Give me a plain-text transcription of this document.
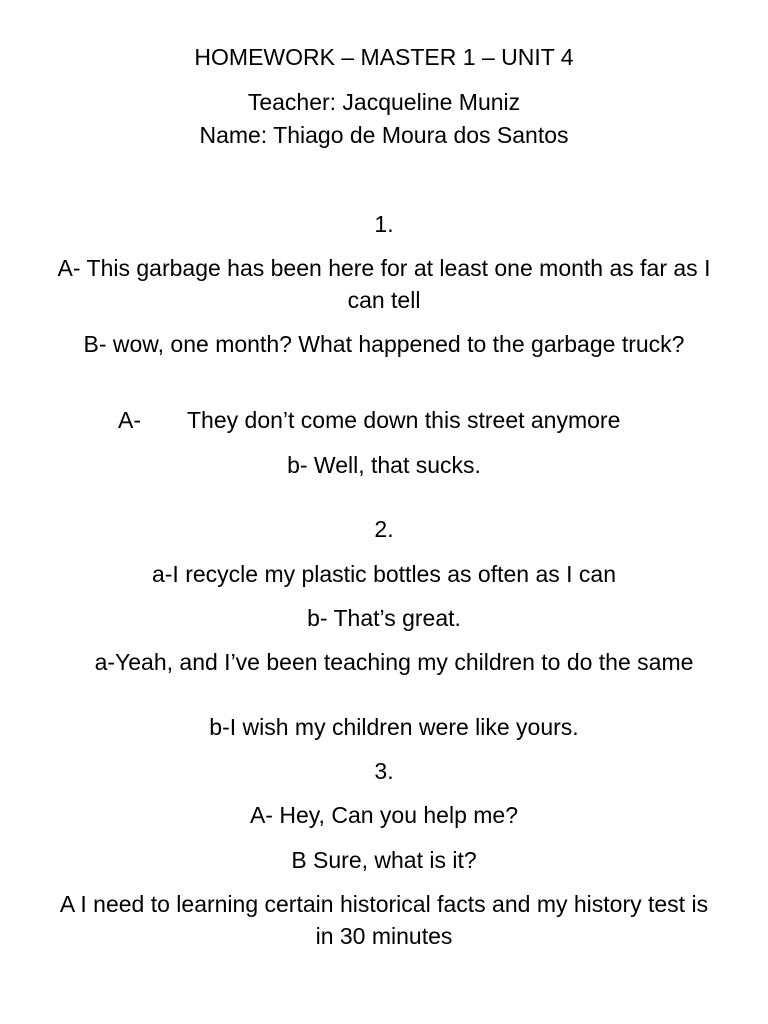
HOMEWORK – MASTER 1 – UNIT 4
Teacher: Jacqueline Muniz
Name: Thiago de Moura dos Santos
1.
A- This garbage has been here for at least one month as far as I can tell
B- wow, one month? What happened to the garbage truck?
A- They don’t come down this street anymore
b- Well, that sucks.
2.
a-I recycle my plastic bottles as often as I can
b- That’s great.
a-Yeah, and I’ve been teaching my children to do the same
b-I wish my children were like yours.
3.
A- Hey, Can you help me?
B Sure, what is it?
A I need to learning certain historical facts and my history test is in 30 minutes
